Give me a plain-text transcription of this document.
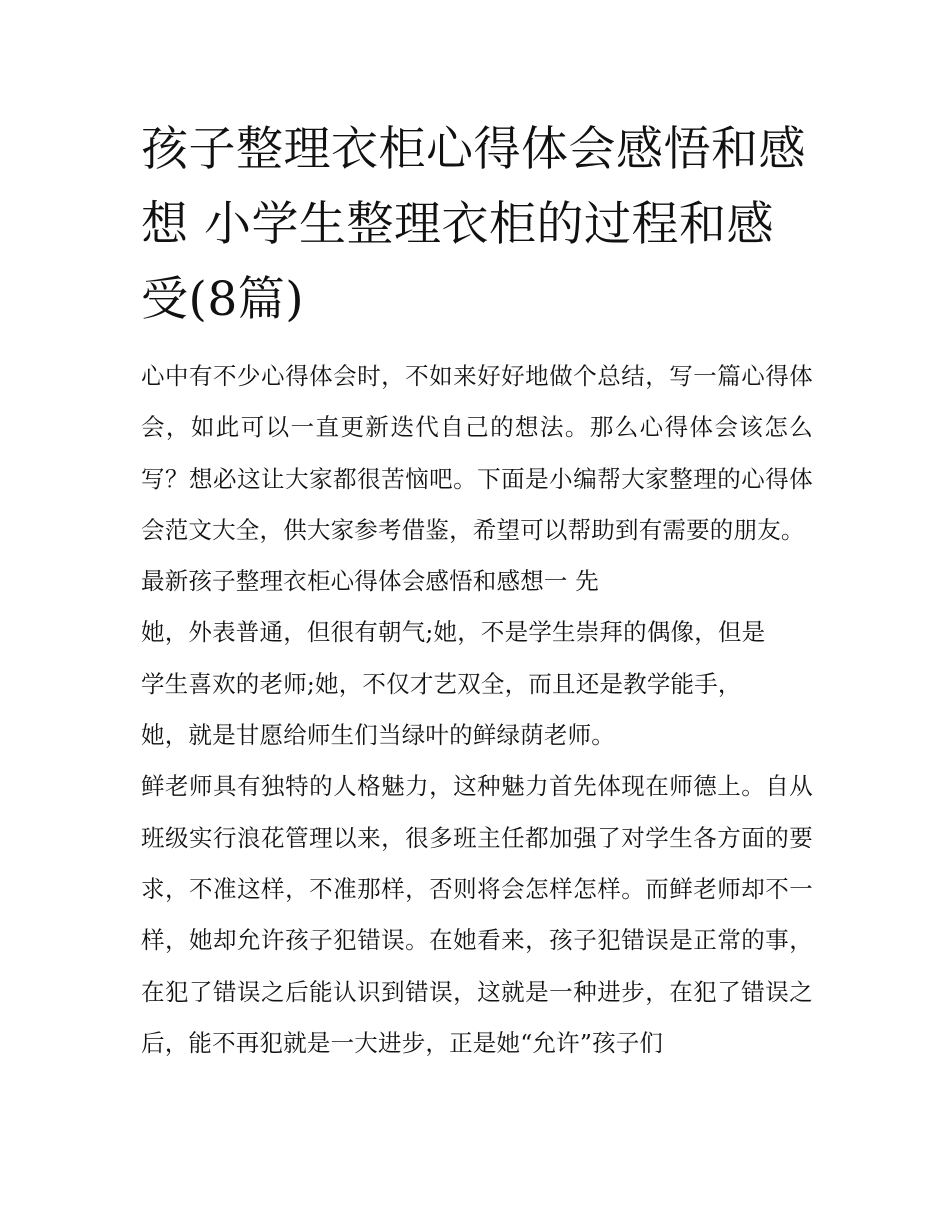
孩子整理衣柜心得体会感悟和感想 小学生整理衣柜的过程和感受(8篇)

心中有不少心得体会时，不如来好好地做个总结，写一篇心得体会，如此可以一直更新迭代自己的想法。那么心得体会该怎么写？想必这让大家都很苦恼吧。下面是小编帮大家整理的心得体会范文大全，供大家参考借鉴，希望可以帮助到有需要的朋友。

最新孩子整理衣柜心得体会感悟和感想一 先

她，外表普通，但很有朝气;她，不是学生崇拜的偶像，但是

学生喜欢的老师;她，不仅才艺双全，而且还是教学能手，

她，就是甘愿给师生们当绿叶的鲜绿荫老师。

鲜老师具有独特的人格魅力，这种魅力首先体现在师德上。自从班级实行浪花管理以来，很多班主任都加强了对学生各方面的要求，不准这样，不准那样，否则将会怎样怎样。而鲜老师却不一样，她却允许孩子犯错误。在她看来，孩子犯错误是正常的事，在犯了错误之后能认识到错误，这就是一种进步，在犯了错误之后，能不再犯就是一大进步，正是她“允许”孩子们
